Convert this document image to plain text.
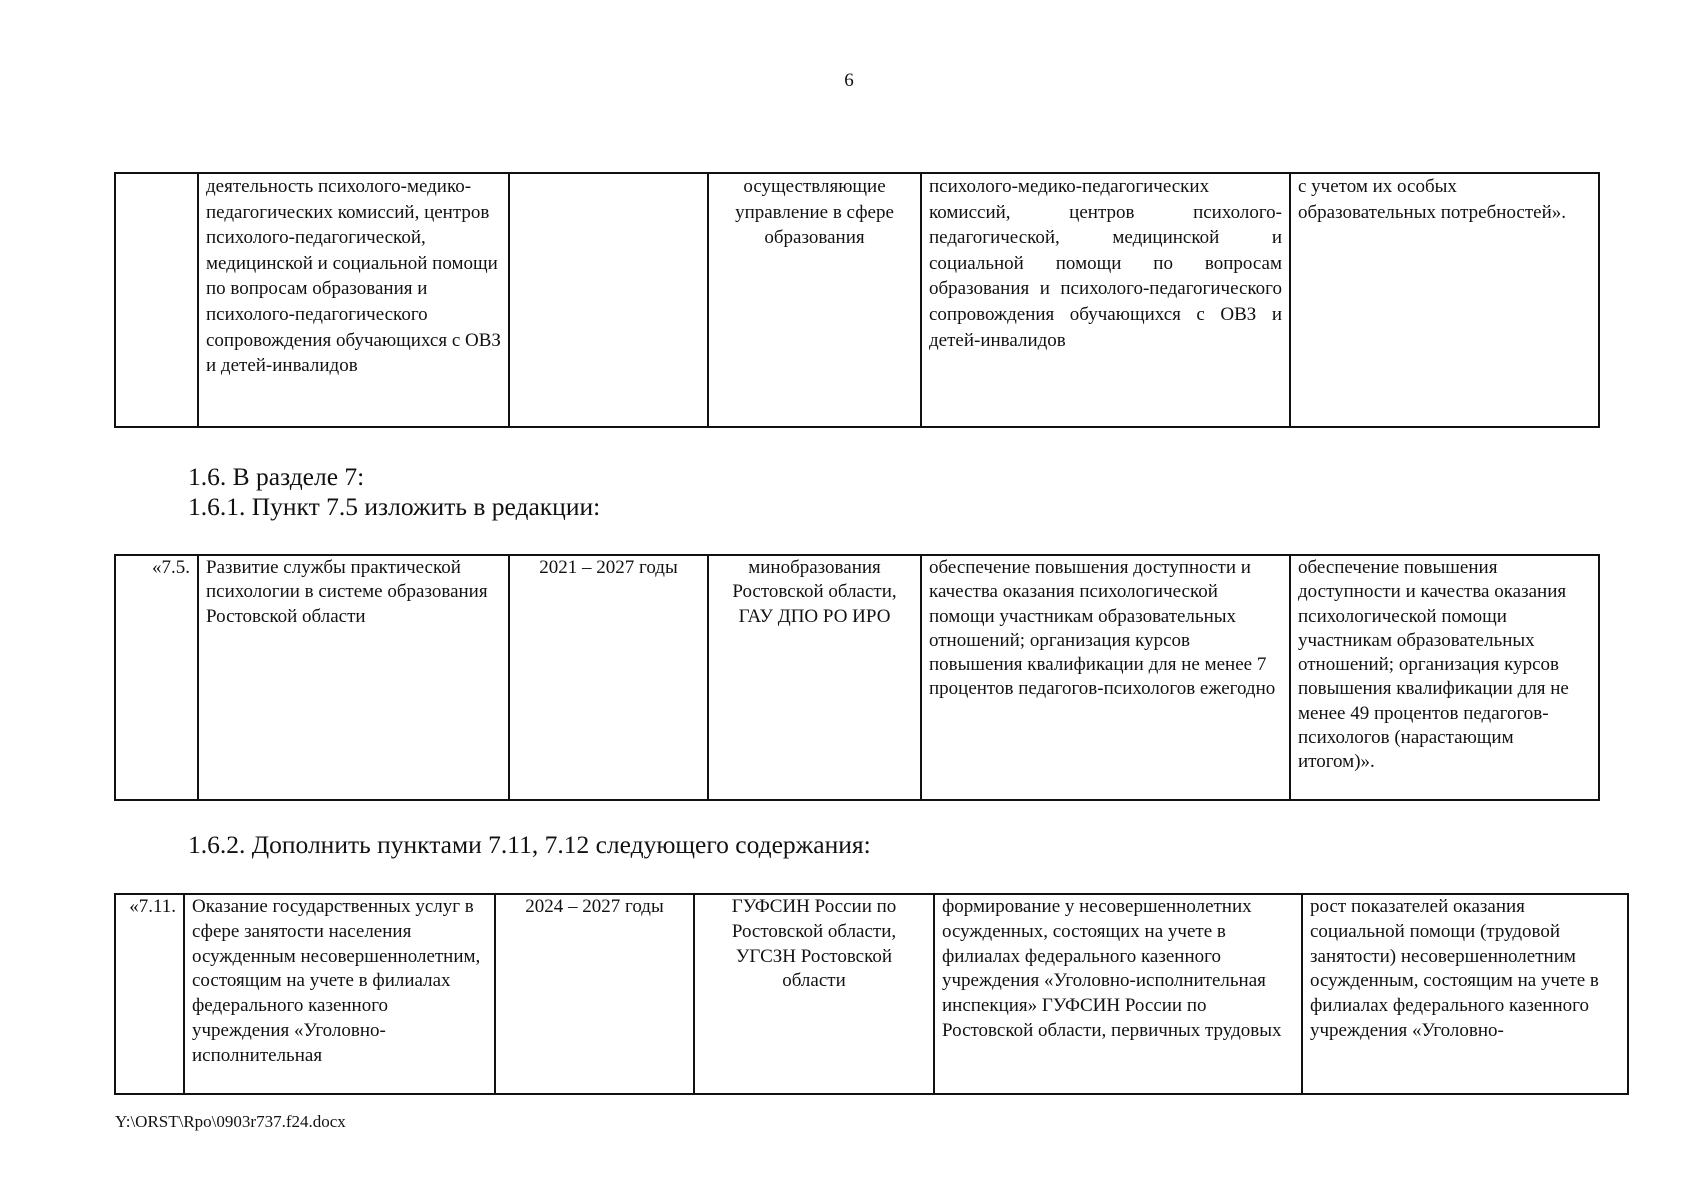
6
	деятельность психолого-медико-педагогических комиссий, центров психолого-педагогической, медицинской и социальной помощи по вопросам образования и психолого-педагогического сопровождения обучающихся с ОВЗ и детей-инвалидов		осуществляющие управление в сфере образования	психолого-медико-педагогических комиссий, центров психолого-педагогической, медицинской и социальной помощи по вопросам образования и психолого-педагогического сопровождения обучающихся с ОВЗ и детей-инвалидов	с учетом их особых образовательных потребностей».
1.6. В разделе 7:
1.6.1. Пункт 7.5 изложить в редакции:
«7.5.	Развитие службы практической психологии в системе образования Ростовской области	2021 – 2027 годы	минобразования Ростовской области, ГАУ ДПО РО ИРО	обеспечение повышения доступности и качества оказания психологической помощи участникам образовательных отношений; организация курсов повышения квалификации для не менее 7 процентов педагогов-психологов ежегодно	обеспечение повышения доступности и качества оказания психологической помощи участникам образовательных отношений; организация курсов повышения квалификации для не менее 49 процентов педагогов-психологов (нарастающим итогом)».
1.6.2. Дополнить пунктами 7.11, 7.12 следующего содержания:
«7.11.	Оказание государственных услуг в сфере занятости населения осужденным несовершеннолетним, состоящим на учете в филиалах федерального казенного учреждения «Уголовно-исполнительная	2024 – 2027 годы	ГУФСИН России по Ростовской области, УГСЗН Ростовской области	формирование у несовершеннолетних осужденных, состоящих на учете в филиалах федерального казенного учреждения «Уголовно-исполнительная инспекция» ГУФСИН России по Ростовской области, первичных трудовых	рост показателей оказания социальной помощи (трудовой занятости) несовершеннолетним осужденным, состоящим на учете в филиалах федерального казенного учреждения «Уголовно-
Y:\ORST\Rpo\0903r737.f24.docx
